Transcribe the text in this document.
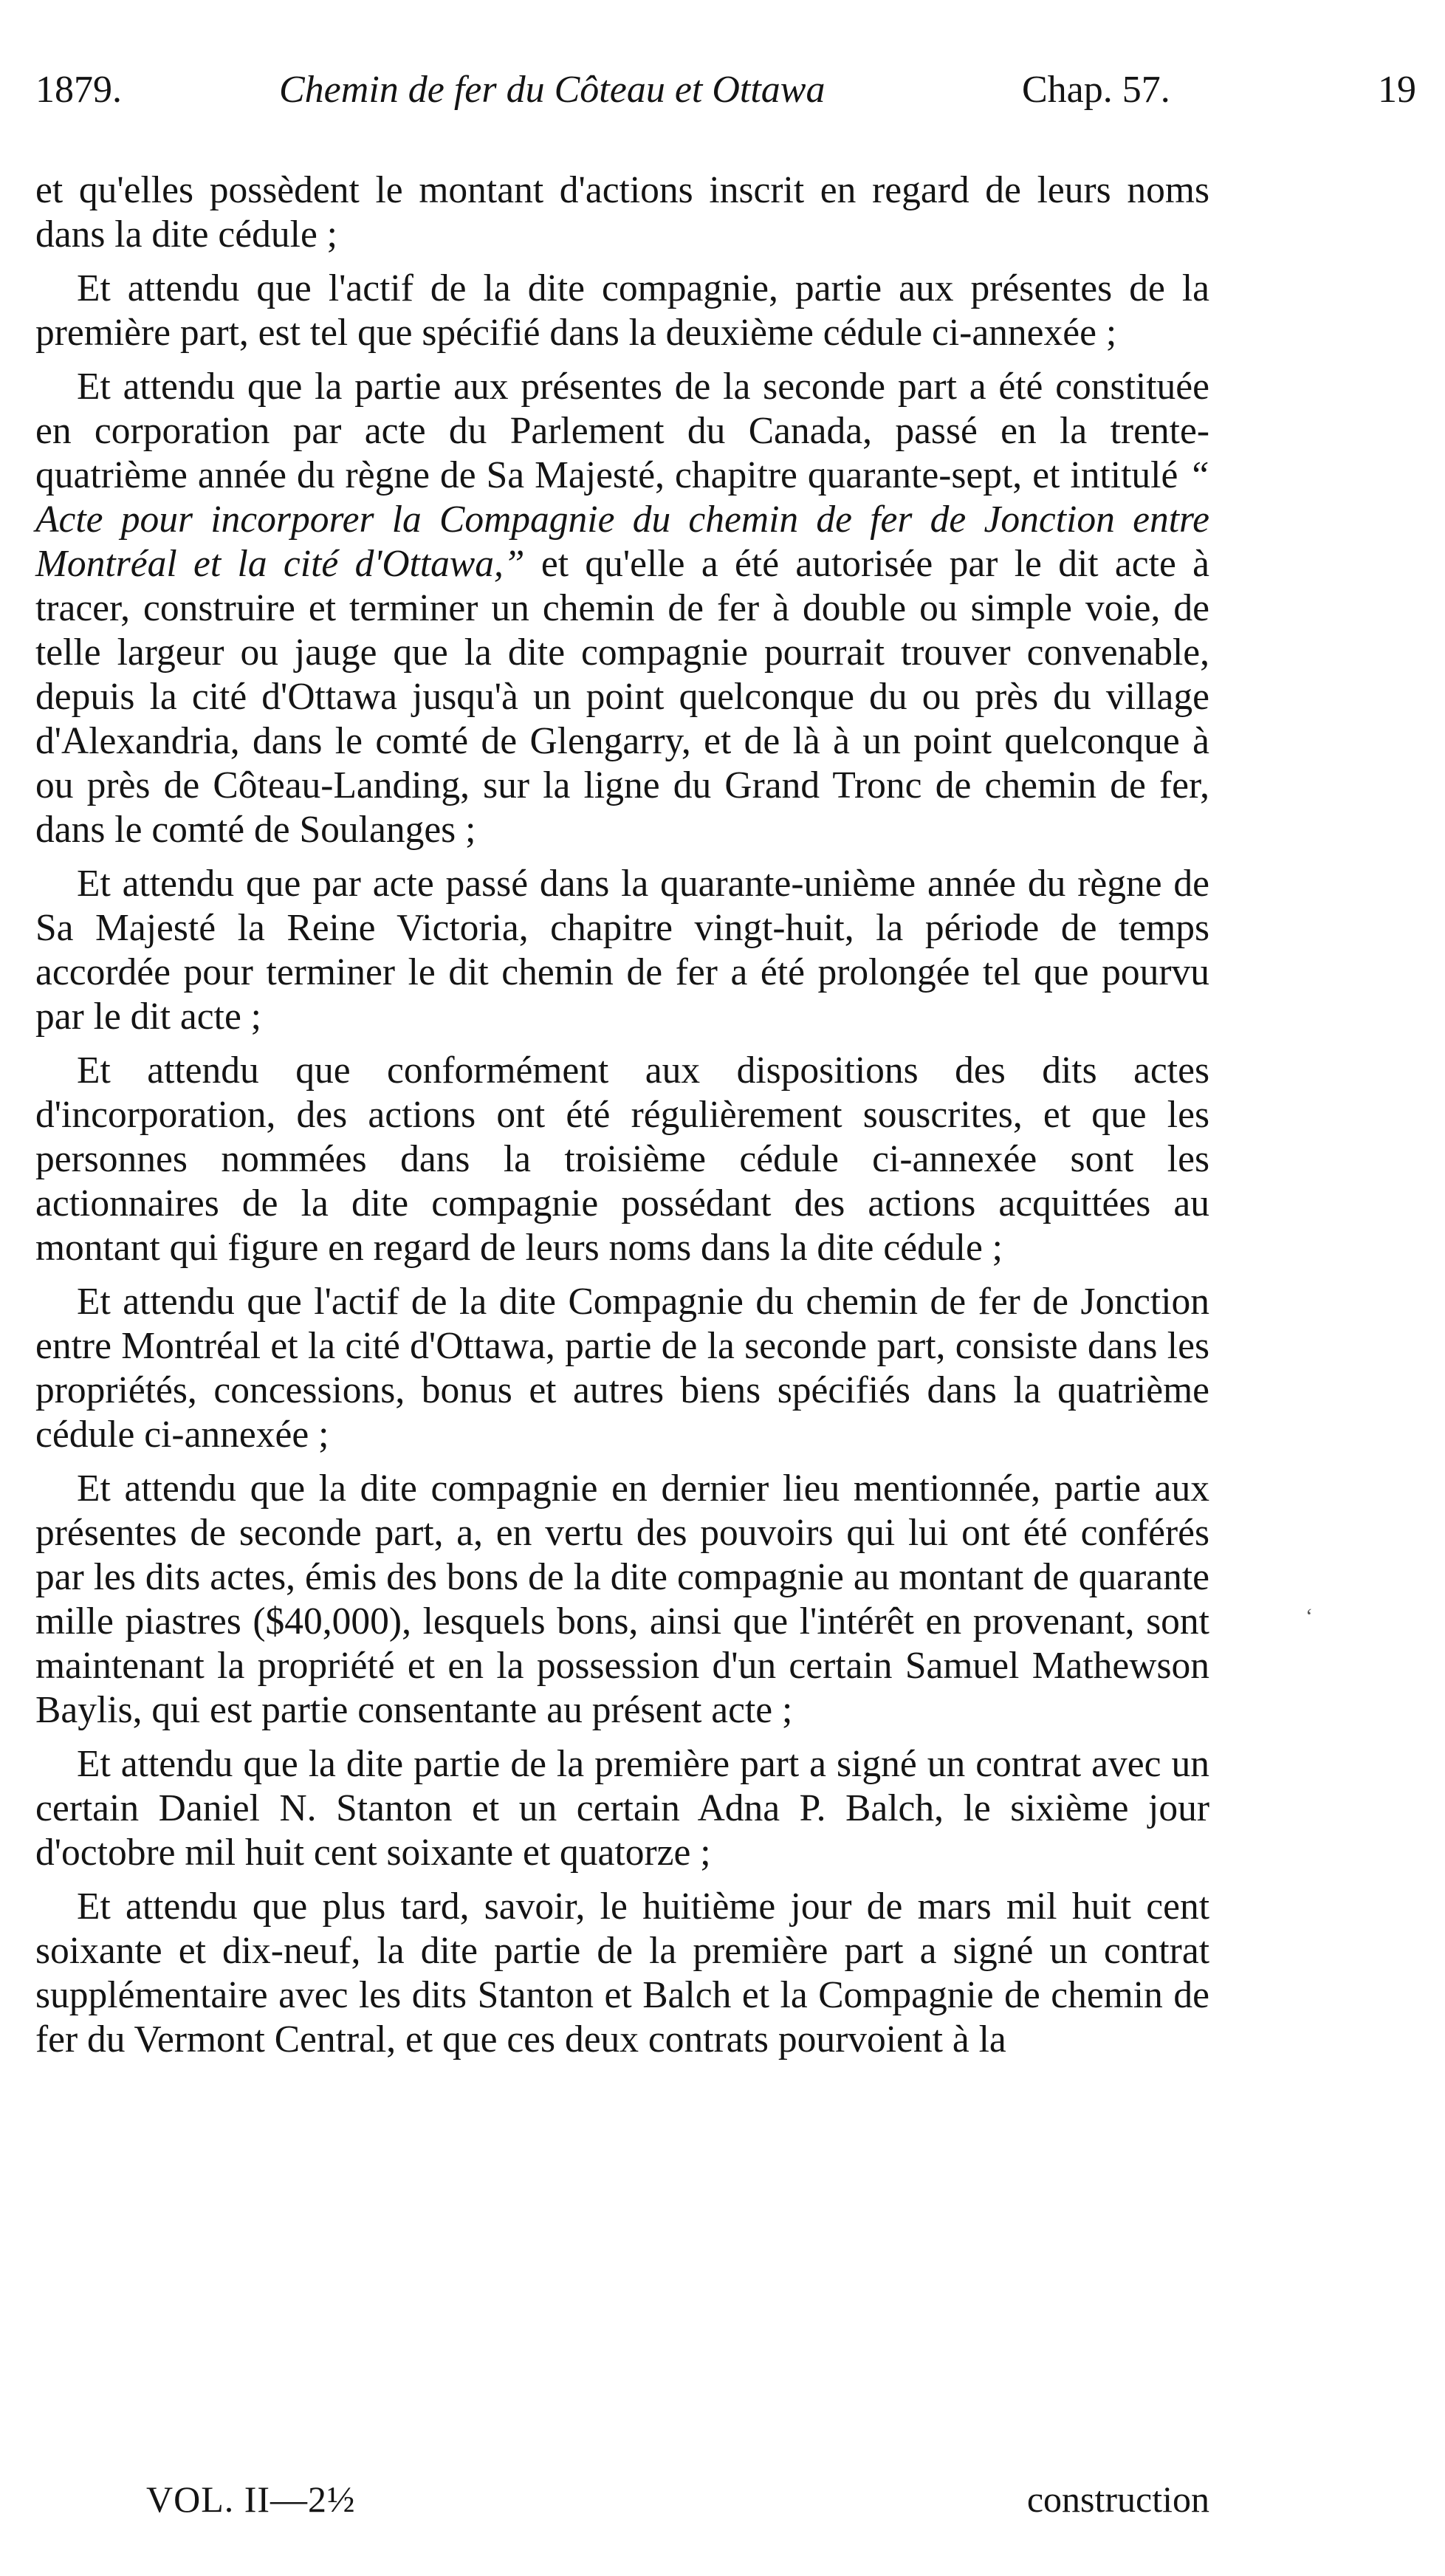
1879.	Chemin de fer du Côteau et Ottawa	Chap. 57.	19

et qu'elles possèdent le montant d'actions inscrit en regard de leurs noms dans la dite cédule ;

Et attendu que l'actif de la dite compagnie, partie aux présentes de la première part, est tel que spécifié dans la deuxième cédule ci-annexée ;

Et attendu que la partie aux présentes de la seconde part a été constituée en corporation par acte du Parlement du Canada, passé en la trente-quatrième année du règne de Sa Majesté, chapitre quarante-sept, et intitulé “ Acte pour incorporer la Compagnie du chemin de fer de Jonction entre Montréal et la cité d'Ottawa,” et qu'elle a été autorisée par le dit acte à tracer, construire et terminer un chemin de fer à double ou simple voie, de telle largeur ou jauge que la dite compagnie pourrait trouver convenable, depuis la cité d'Ottawa jusqu'à un point quelconque du ou près du village d'Alexandria, dans le comté de Glengarry, et de là à un point quelconque à ou près de Côteau-Landing, sur la ligne du Grand Tronc de chemin de fer, dans le comté de Soulanges ;

Et attendu que par acte passé dans la quarante-unième année du règne de Sa Majesté la Reine Victoria, chapitre vingt-huit, la période de temps accordée pour terminer le dit chemin de fer a été prolongée tel que pourvu par le dit acte ;

Et attendu que conformément aux dispositions des dits actes d'incorporation, des actions ont été régulièrement souscrites, et que les personnes nommées dans la troisième cédule ci-annexée sont les actionnaires de la dite compagnie possédant des actions acquittées au montant qui figure en regard de leurs noms dans la dite cédule ;

Et attendu que l'actif de la dite Compagnie du chemin de fer de Jonction entre Montréal et la cité d'Ottawa, partie de la seconde part, consiste dans les propriétés, concessions, bonus et autres biens spécifiés dans la quatrième cédule ci-annexée ;

Et attendu que la dite compagnie en dernier lieu mentionnée, partie aux présentes de seconde part, a, en vertu des pouvoirs qui lui ont été conférés par les dits actes, émis des bons de la dite compagnie au montant de quarante mille piastres ($40,000), lesquels bons, ainsi que l'intérêt en provenant, sont maintenant la propriété et en la possession d'un certain Samuel Mathewson Baylis, qui est partie consentante au présent acte ;

Et attendu que la dite partie de la première part a signé un contrat avec un certain Daniel N. Stanton et un certain Adna P. Balch, le sixième jour d'octobre mil huit cent soixante et quatorze ;

Et attendu que plus tard, savoir, le huitième jour de mars mil huit cent soixante et dix-neuf, la dite partie de la première part a signé un contrat supplémentaire avec les dits Stanton et Balch et la Compagnie de chemin de fer du Vermont Central, et que ces deux contrats pourvoient à la

‘
VOL. II—2½	construction
